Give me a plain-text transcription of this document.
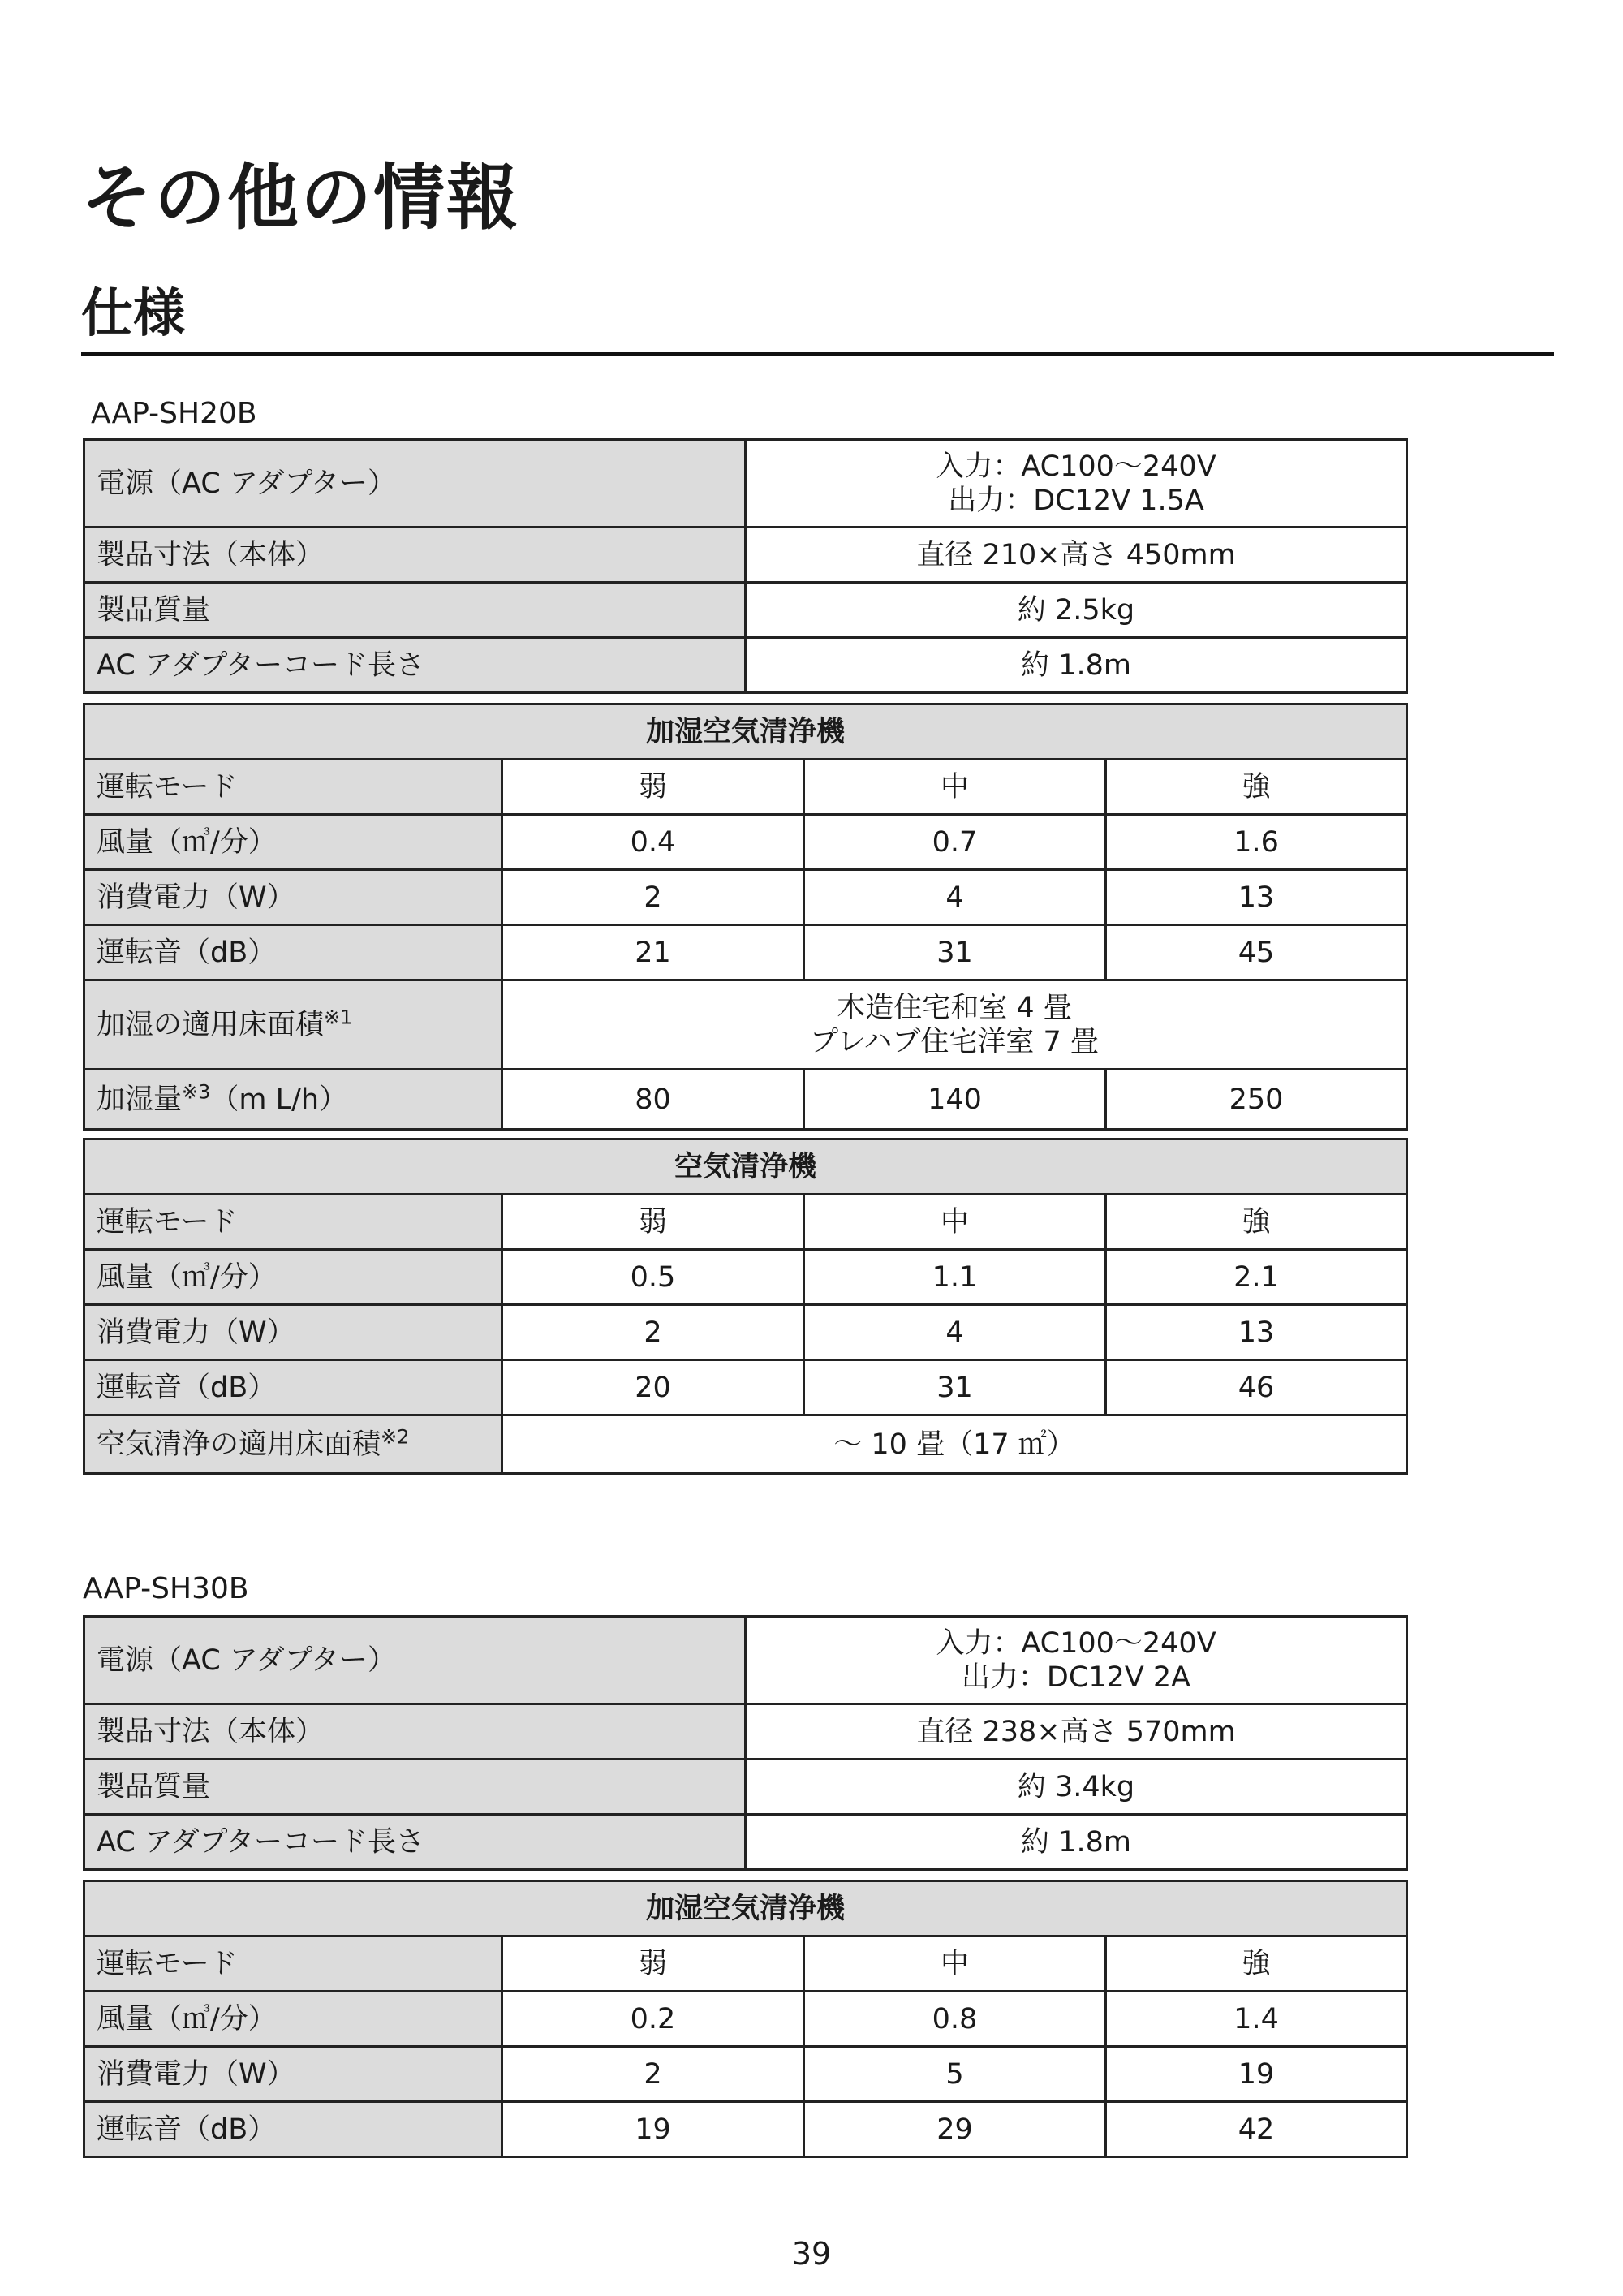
その他の情報
仕様
AAP-SH20B
電源（AC アダプター）	入力：AC100～240V
出力：DC12V 1.5A

製品寸法（本体）	直径 210×高さ 450mm
製品質量	約 2.5kg
AC アダプターコード長さ	約 1.8m
加湿空気清浄機			
運転モード	弱	中	強
風量（㎥/分）	0.4	0.7	1.6
消費電力（W）	2	4	13
運転音（dB）	21	31	45
加湿の適用床面積$^{※1}$	木造住宅和室 4 畳
プレハブ住宅洋室 7 畳		

加湿量$^{※3}$（m L/h）	80	140	250
空気清浄機			
運転モード	弱	中	強
風量（㎥/分）	0.5	1.1	2.1
消費電力（W）	2	4	13
運転音（dB）	20	31	46
空気清浄の適用床面積$^{※2}$	～ 10 畳（17 ㎡）		
AAP-SH30B
電源（AC アダプター）	入力：AC100～240V
出力：DC12V 2A

製品寸法（本体）	直径 238×高さ 570mm
製品質量	約 3.4kg
AC アダプターコード長さ	約 1.8m
加湿空気清浄機			
運転モード	弱	中	強
風量（㎥/分）	0.2	0.8	1.4
消費電力（W）	2	5	19
運転音（dB）	19	29	42
39
